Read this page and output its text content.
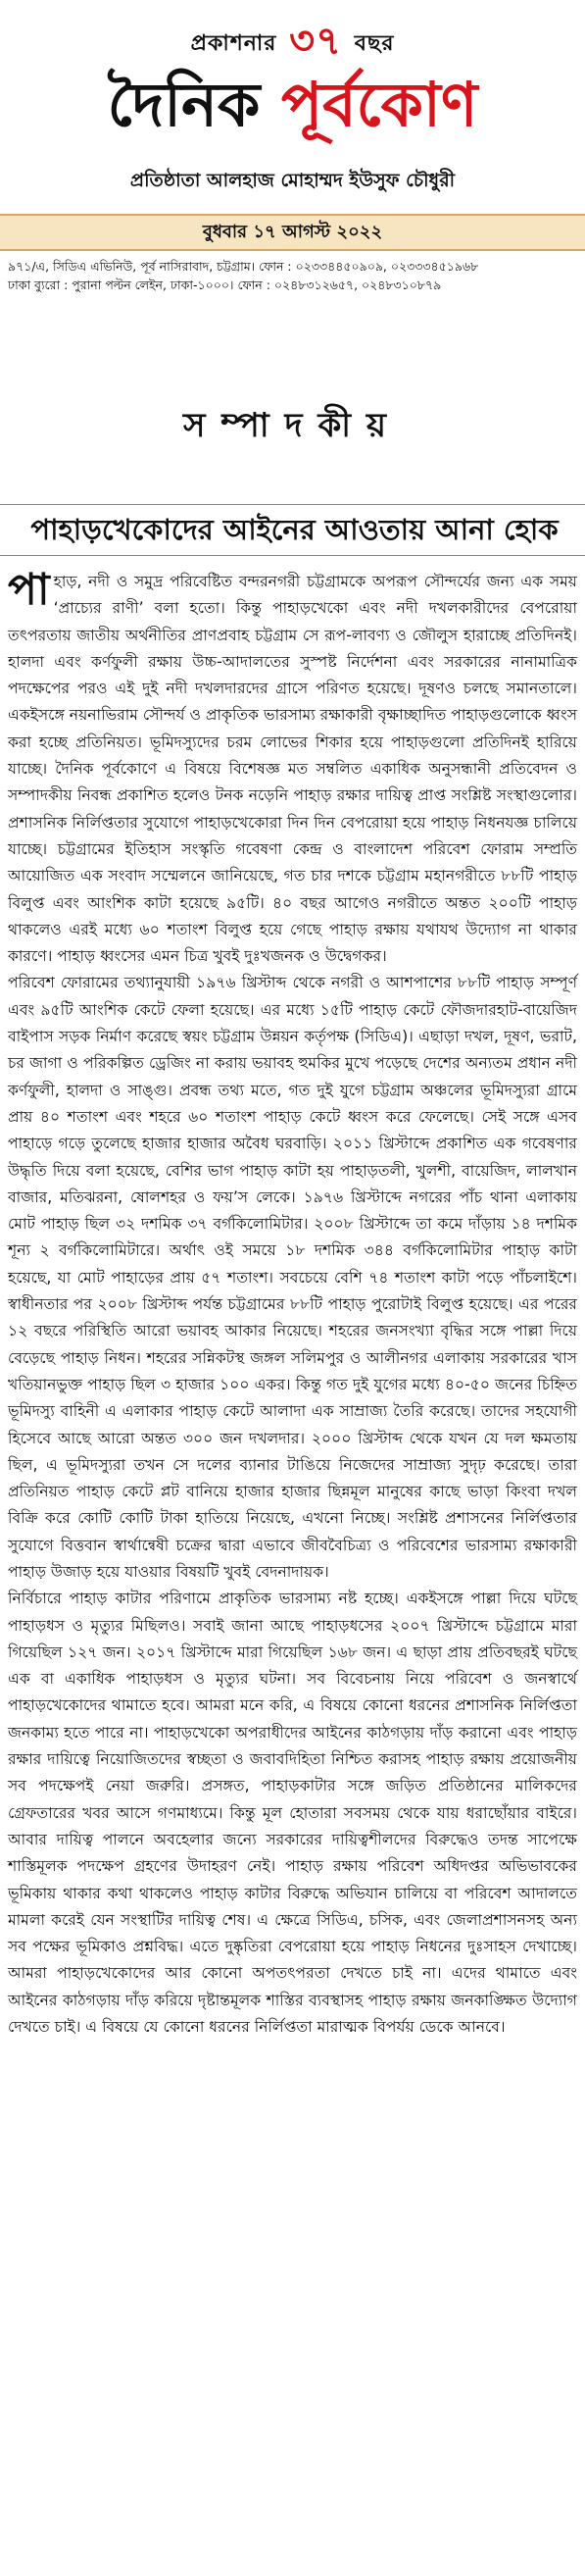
প্রকাশনার ৩৭ বছর
দৈনিক পূর্বকোণ
প্রতিষ্ঠাতা আলহাজ মোহাম্মদ ইউসুফ চৌধুরী
বুধবার ১৭ আগস্ট ২০২২
৯৭১/এ, সিডিএ এভিনিউ, পূর্ব নাসিরাবাদ, চট্টগ্রাম। ফোন : ০২৩৩৪৪৫০৯০৯, ০২৩৩৩৪৫১৯৬৮
ঢাকা ব্যুরো : পুরানা পল্টন লেইন, ঢাকা-১০০০। ফোন : ০২৪৮৩১২৬৫৭, ০২৪৮৩১০৮৭৯
সম্পাদকীয়
পাহাড়খেকোদের আইনের আওতায় আনা হোক

পাহাড়, নদী ও সমুদ্র পরিবেষ্টিত বন্দরনগরী চট্টগ্রামকে অপরূপ সৌন্দর্যের জন্য এক সময় ‘প্রাচ্যের রাণী’ বলা হতো। কিন্তু পাহাড়খেকো এবং নদী দখলকারীদের বেপরোয়া তৎপরতায় জাতীয় অর্থনীতির প্রাণপ্রবাহ চট্টগ্রাম সে রূপ-লাবণ্য ও জৌলুস হারাচ্ছে প্রতিদিনই। হালদা এবং কর্ণফুলী রক্ষায় উচ্চ-আদালতের সুস্পষ্ট নির্দেশনা এবং সরকারের নানামাত্রিক পদক্ষেপের পরও এই দুই নদী দখলদারদের গ্রাসে পরিণত হয়েছে। দূষণও চলছে সমানতালে। একইসঙ্গে নয়নাভিরাম সৌন্দর্য ও প্রাকৃতিক ভারসাম্য রক্ষাকারী বৃক্ষাচ্ছাদিত পাহাড়গুলোকে ধ্বংস করা হচ্ছে প্রতিনিয়ত। ভূমিদস্যুদের চরম লোভের শিকার হয়ে পাহাড়গুলো প্রতিদিনই হারিয়ে যাচ্ছে। দৈনিক পূর্বকোণে এ বিষয়ে বিশেষজ্ঞ মত সম্বলিত একাধিক অনুসন্ধানী প্রতিবেদন ও সম্পাদকীয় নিবন্ধ প্রকাশিত হলেও টনক নড়েনি পাহাড় রক্ষার দায়িত্ব প্রাপ্ত সংশ্লিষ্ট সংস্থাগুলোর। প্রশাসনিক নির্লিপ্ততার সুযোগে পাহাড়খেকোরা দিন দিন বেপরোয়া হয়ে পাহাড় নিধনযজ্ঞ চালিয়ে যাচ্ছে। চট্টগ্রামের ইতিহাস সংস্কৃতি গবেষণা কেন্দ্র ও বাংলাদেশ পরিবেশ ফোরাম সম্প্রতি আয়োজিত এক সংবাদ সম্মেলনে জানিয়েছে, গত চার দশকে চট্টগ্রাম মহানগরীতে ৮৮টি পাহাড় বিলুপ্ত এবং আংশিক কাটা হয়েছে ৯৫টি। ৪০ বছর আগেও নগরীতে অন্তত ২০০টি পাহাড় থাকলেও এরই মধ্যে ৬০ শতাংশ বিলুপ্ত হয়ে গেছে পাহাড় রক্ষায় যথাযথ উদ্যোগ না থাকার কারণে। পাহাড় ধ্বংসের এমন চিত্র খুবই দুঃখজনক ও উদ্বেগকর।

পরিবেশ ফোরামের তথ্যানুযায়ী ১৯৭৬ খ্রিস্টাব্দ থেকে নগরী ও আশপাশের ৮৮টি পাহাড় সম্পূর্ণ এবং ৯৫টি আংশিক কেটে ফেলা হয়েছে। এর মধ্যে ১৫টি পাহাড় কেটে ফৌজদারহাট-বায়েজিদ বাইপাস সড়ক নির্মাণ করেছে স্বয়ং চট্টগ্রাম উন্নয়ন কর্তৃপক্ষ (সিডিএ)। এছাড়া দখল, দূষণ, ভরাট, চর জাগা ও পরিকল্পিত ড্রেজিং না করায় ভয়াবহ হুমকির মুখে পড়েছে দেশের অন্যতম প্রধান নদী কর্ণফুলী, হালদা ও সাঙ্গু। প্রবন্ধ তথ্য মতে, গত দুই যুগে চট্টগ্রাম অঞ্চলের ভূমিদস্যুরা গ্রামে প্রায় ৪০ শতাংশ এবং শহরে ৬০ শতাংশ পাহাড় কেটে ধ্বংস করে ফেলেছে। সেই সঙ্গে এসব পাহাড়ে গড়ে তুলেছে হাজার হাজার অবৈধ ঘরবাড়ি। ২০১১ খ্রিস্টাব্দে প্রকাশিত এক গবেষণার উদ্ধৃতি দিয়ে বলা হয়েছে, বেশির ভাগ পাহাড় কাটা হয় পাহাড়তলী, খুলশী, বায়েজিদ, লালখান বাজার, মতিঝরনা, ষোলশহর ও ফয়’স লেকে। ১৯৭৬ খ্রিস্টাব্দে নগরের পাঁচ থানা এলাকায় মোট পাহাড় ছিল ৩২ দশমিক ৩৭ বর্গকিলোমিটার। ২০০৮ খ্রিস্টাব্দে তা কমে দাঁড়ায় ১৪ দশমিক শূন্য ২ বর্গকিলোমিটারে। অর্থাৎ ওই সময়ে ১৮ দশমিক ৩৪৪ বর্গকিলোমিটার পাহাড় কাটা হয়েছে, যা মোট পাহাড়ের প্রায় ৫৭ শতাংশ। সবচেয়ে বেশি ৭৪ শতাংশ কাটা পড়ে পাঁচলাইশে। স্বাধীনতার পর ২০০৮ খ্রিস্টাব্দ পর্যন্ত চট্টগ্রামের ৮৮টি পাহাড় পুরোটাই বিলুপ্ত হয়েছে। এর পরের ১২ বছরে পরিস্থিতি আরো ভয়াবহ আকার নিয়েছে। শহরের জনসংখ্যা বৃদ্ধির সঙ্গে পাল্লা দিয়ে বেড়েছে পাহাড় নিধন। শহরের সন্নিকটস্থ জঙ্গল সলিমপুর ও আলীনগর এলাকায় সরকারের খাস খতিয়ানভুক্ত পাহাড় ছিল ৩ হাজার ১০০ একর। কিন্তু গত দুই যুগের মধ্যে ৪০-৫০ জনের চিহ্নিত ভূমিদস্যু বাহিনী এ এলাকার পাহাড় কেটে আলাদা এক সাম্রাজ্য তৈরি করেছে। তাদের সহযোগী হিসেবে আছে আরো অন্তত ৩০০ জন দখলদার। ২০০০ খ্রিস্টাব্দ থেকে যখন যে দল ক্ষমতায় ছিল, এ ভূমিদস্যুরা তখন সে দলের ব্যানার টাঙিয়ে নিজেদের সাম্রাজ্য সুদৃঢ় করেছে। তারা প্রতিনিয়ত পাহাড় কেটে প্লট বানিয়ে হাজার হাজার ছিন্নমূল মানুষের কাছে ভাড়া কিংবা দখল বিক্রি করে কোটি কোটি টাকা হাতিয়ে নিয়েছে, এখনো নিচ্ছে। সংশ্লিষ্ট প্রশাসনের নির্লিপ্ততার সুযোগে বিত্তবান স্বার্থান্বেষী চক্রের দ্বারা এভাবে জীববৈচিত্র্য ও পরিবেশের ভারসাম্য রক্ষাকারী পাহাড় উজাড় হয়ে যাওয়ার বিষয়টি খুবই বেদনাদায়ক।

নির্বিচারে পাহাড় কাটার পরিণামে প্রাকৃতিক ভারসাম্য নষ্ট হচ্ছে। একইসঙ্গে পাল্লা দিয়ে ঘটছে পাহাড়ধস ও মৃত্যুর মিছিলও। সবাই জানা আছে পাহাড়ধসের ২০০৭ খ্রিস্টাব্দে চট্টগ্রামে মারা গিয়েছিল ১২৭ জন। ২০১৭ খ্রিস্টাব্দে মারা গিয়েছিল ১৬৮ জন। এ ছাড়া প্রায় প্রতিবছরই ঘটছে এক বা একাধিক পাহাড়ধস ও মৃত্যুর ঘটনা। সব বিবেচনায় নিয়ে পরিবেশ ও জনস্বার্থে পাহাড়খেকোদের থামাতে হবে। আমরা মনে করি, এ বিষয়ে কোনো ধরনের প্রশাসনিক নির্লিপ্ততা জনকাম্য হতে পারে না। পাহাড়খেকো অপরাধীদের আইনের কাঠগড়ায় দাঁড় করানো এবং পাহাড় রক্ষার দায়িত্বে নিয়োজিতদের স্বচ্ছতা ও জবাবদিহিতা নিশ্চিত করাসহ পাহাড় রক্ষায় প্রয়োজনীয় সব পদক্ষেপই নেয়া জরুরি। প্রসঙ্গত, পাহাড়কাটার সঙ্গে জড়িত প্রতিষ্ঠানের মালিকদের গ্রেফতারের খবর আসে গণমাধ্যমে। কিন্তু মূল হোতারা সবসময় থেকে যায় ধরাছোঁয়ার বাইরে। আবার দায়িত্ব পালনে অবহেলার জন্যে সরকারের দায়িত্বশীলদের বিরুদ্ধেও তদন্ত সাপেক্ষে শাস্তিমূলক পদক্ষেপ গ্রহণের উদাহরণ নেই। পাহাড় রক্ষায় পরিবেশ অধিদপ্তর অভিভাবকের ভূমিকায় থাকার কথা থাকলেও পাহাড় কাটার বিরুদ্ধে অভিযান চালিয়ে বা পরিবেশ আদালতে মামলা করেই যেন সংস্থাটির দায়িত্ব শেষ। এ ক্ষেত্রে সিডিএ, চসিক, এবং জেলাপ্রশাসনসহ অন্য সব পক্ষের ভূমিকাও প্রশ্নবিদ্ধ। এতে দুষ্কৃতিরা বেপরোয়া হয়ে পাহাড় নিধনের দুঃসাহস দেখাচ্ছে। আমরা পাহাড়খেকোদের আর কোনো অপতৎপরতা দেখতে চাই না। এদের থামাতে এবং আইনের কাঠগড়ায় দাঁড় করিয়ে দৃষ্টান্তমূলক শাস্তির ব্যবস্থাসহ পাহাড় রক্ষায় জনকাঙ্ক্ষিত উদ্যোগ দেখতে চাই। এ বিষয়ে যে কোনো ধরনের নির্লিপ্ততা মারাত্মক বিপর্যয় ডেকে আনবে।
